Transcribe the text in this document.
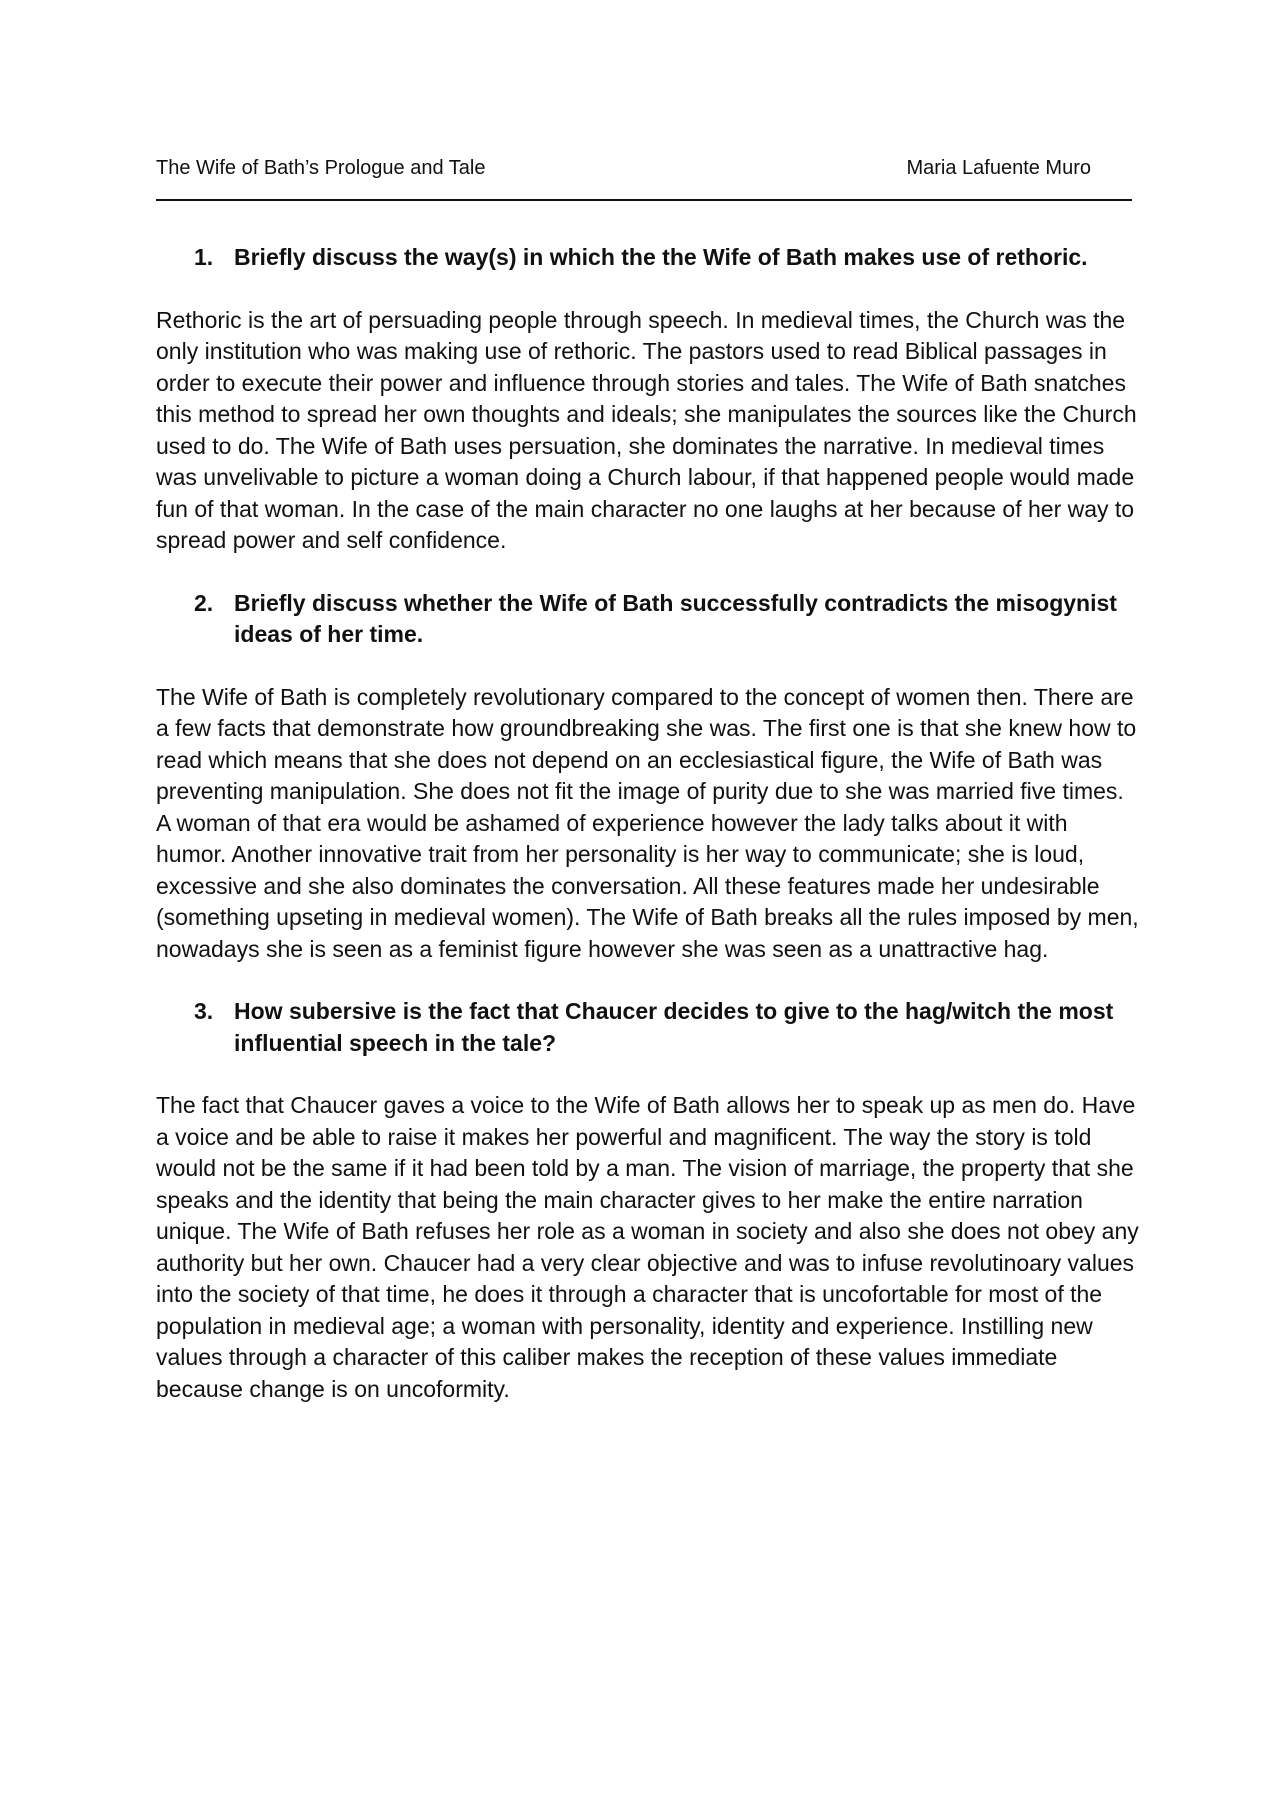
The Wife of Bath’s Prologue and Tale	Maria Lafuente Muro

1. Briefly discuss the way(s) in which the the Wife of Bath makes use of rethoric.

Rethoric is the art of persuading people through speech. In medieval times, the Church was the only institution who was making use of rethoric. The pastors used to read Biblical passages in order to execute their power and influence through stories and tales. The Wife of Bath snatches this method to spread her own thoughts and ideals; she manipulates the sources like the Church used to do. The Wife of Bath uses persuation, she dominates the narrative. In medieval times was unvelivable to picture a woman doing a Church labour, if that happened people would made fun of that woman. In the case of the main character no one laughs at her because of her way to spread power and self confidence.

2. Briefly discuss whether the Wife of Bath successfully contradicts the misogynist ideas of her time.

The Wife of Bath is completely revolutionary compared to the concept of women then. There are a few facts that demonstrate how groundbreaking she was. The first one is that she knew how to read which means that she does not depend on an ecclesiastical figure, the Wife of Bath was preventing manipulation. She does not fit the image of purity due to she was married five times. A woman of that era would be ashamed of experience however the lady talks about it with humor. Another innovative trait from her personality is her way to communicate; she is loud, excessive and she also dominates the conversation. All these features made her undesirable (something upseting in medieval women). The Wife of Bath breaks all the rules imposed by men, nowadays she is seen as a feminist figure however she was seen as a unattractive hag.

3. How subersive is the fact that Chaucer decides to give to the hag/witch the most influential speech in the tale?

The fact that Chaucer gaves a voice to the Wife of Bath allows her to speak up as men do. Have a voice and be able to raise it makes her powerful and magnificent. The way the story is told would not be the same if it had been told by a man. The vision of marriage, the property that she speaks and the identity that being the main character gives to her make the entire narration unique. The Wife of Bath refuses her role as a woman in society and also she does not obey any authority but her own. Chaucer had a very clear objective and was to infuse revolutinoary values into the society of that time, he does it through a character that is uncofortable for most of the population in medieval age; a woman with personality, identity and experience. Instilling new values through a character of this caliber makes the reception of these values immediate because change is on uncoformity.
